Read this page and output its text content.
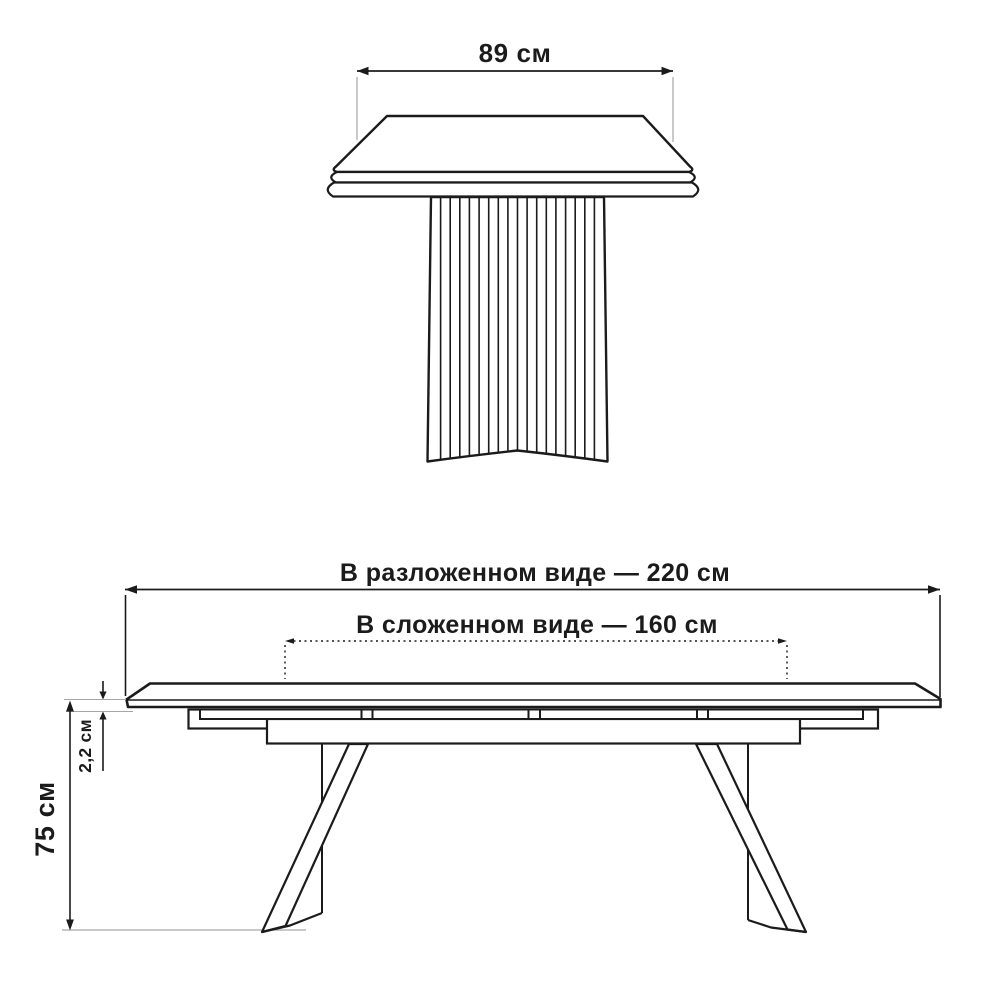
89 см
В разложенном виде — 220 см
В сложенном виде — 160 см
2,2 см
75 см
